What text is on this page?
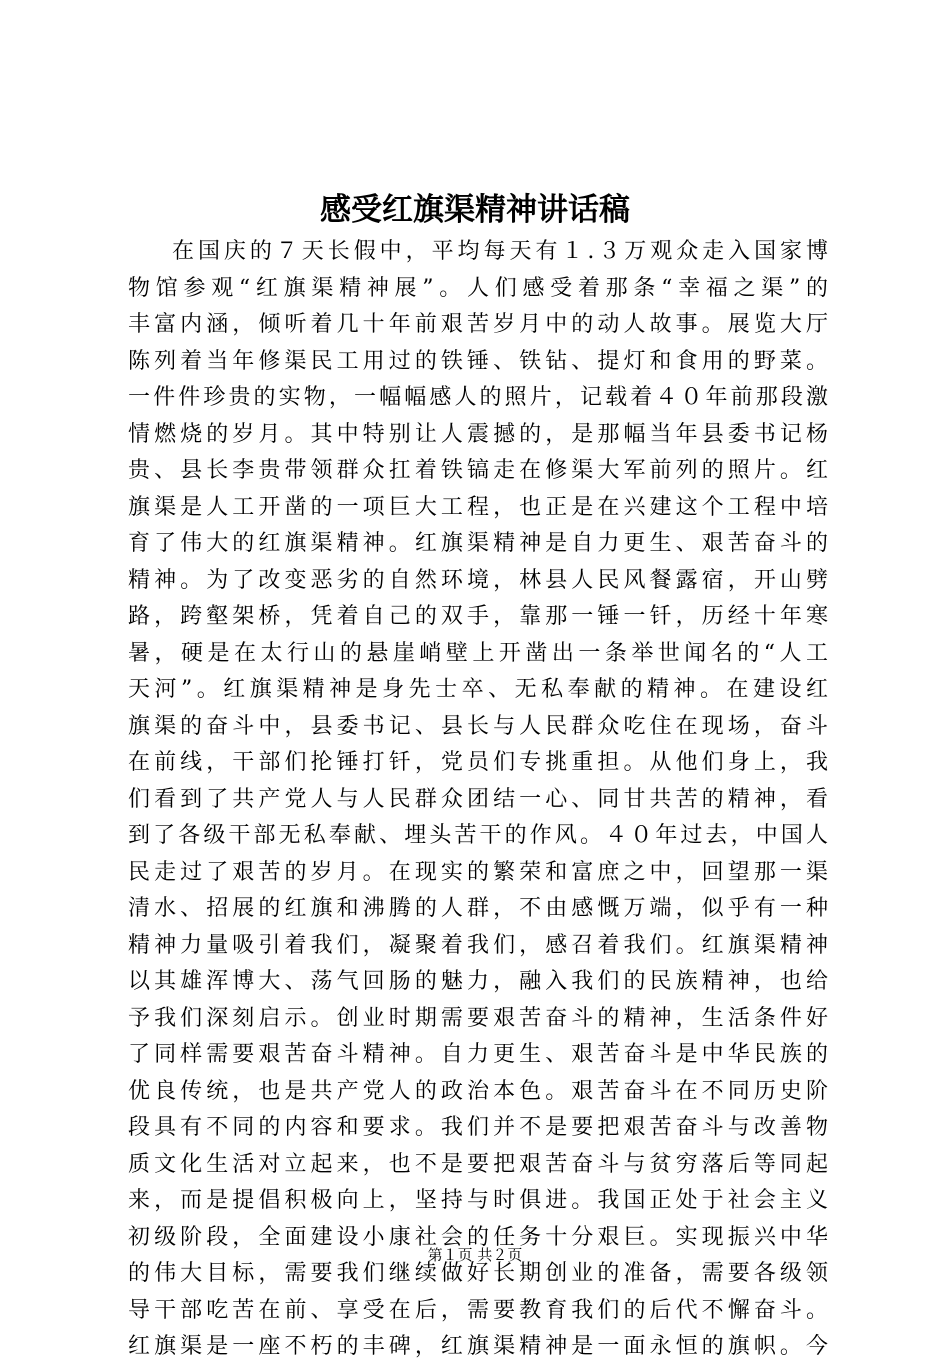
感受红旗渠精神讲话稿
在国庆的７天长假中，平均每天有１.３万观众走入国家博
物馆参观“红旗渠精神展”。人们感受着那条“幸福之渠”的
丰富内涵，倾听着几十年前艰苦岁月中的动人故事。展览大厅
陈列着当年修渠民工用过的铁锤、铁钻、提灯和食用的野菜。
一件件珍贵的实物，一幅幅感人的照片，记载着４０年前那段激
情燃烧的岁月。其中特别让人震撼的，是那幅当年县委书记杨
贵、县长李贵带领群众扛着铁镐走在修渠大军前列的照片。红
旗渠是人工开凿的一项巨大工程，也正是在兴建这个工程中培
育了伟大的红旗渠精神。红旗渠精神是自力更生、艰苦奋斗的
精神。为了改变恶劣的自然环境，林县人民风餐露宿，开山劈
路，跨壑架桥，凭着自己的双手，靠那一锤一钎，历经十年寒
暑，硬是在太行山的悬崖峭壁上开凿出一条举世闻名的“人工
天河”。红旗渠精神是身先士卒、无私奉献的精神。在建设红
旗渠的奋斗中，县委书记、县长与人民群众吃住在现场，奋斗
在前线，干部们抡锤打钎，党员们专挑重担。从他们身上，我
们看到了共产党人与人民群众团结一心、同甘共苦的精神，看
到了各级干部无私奉献、埋头苦干的作风。４０年过去，中国人
民走过了艰苦的岁月。在现实的繁荣和富庶之中，回望那一渠
清水、招展的红旗和沸腾的人群，不由感慨万端，似乎有一种
精神力量吸引着我们，凝聚着我们，感召着我们。红旗渠精神
以其雄浑博大、荡气回肠的魅力，融入我们的民族精神，也给
予我们深刻启示。创业时期需要艰苦奋斗的精神，生活条件好
了同样需要艰苦奋斗精神。自力更生、艰苦奋斗是中华民族的
优良传统，也是共产党人的政治本色。艰苦奋斗在不同历史阶
段具有不同的内容和要求。我们并不是要把艰苦奋斗与改善物
质文化生活对立起来，也不是要把艰苦奋斗与贫穷落后等同起
来，而是提倡积极向上，坚持与时俱进。我国正处于社会主义
初级阶段，全面建设小康社会的任务十分艰巨。实现振兴中华
的伟大目标，需要我们继续做好长期创业的准备，需要各级领
导干部吃苦在前、享受在后，需要教育我们的后代不懈奋斗。
红旗渠是一座不朽的丰碑，红旗渠精神是一面永恒的旗帜。今
第１页 共２页
